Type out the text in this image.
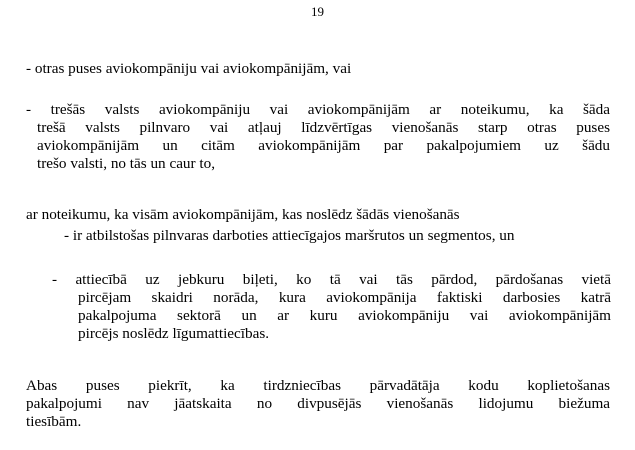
19
- otras puses aviokompāniju vai aviokompānijām, vai
- trešās valsts aviokompāniju vai aviokompānijām ar noteikumu, ka šāda
trešā valsts pilnvaro vai atļauj līdzvērtīgas vienošanās starp otras puses
aviokompānijām un citām aviokompānijām par pakalpojumiem uz šādu
trešo valsti, no tās un caur to,
ar noteikumu, ka visām aviokompānijām, kas noslēdz šādās vienošanās
- ir atbilstošas pilnvaras darboties attiecīgajos maršrutos un segmentos, un
- attiecībā uz jebkuru biļeti, ko tā vai tās pārdod, pārdošanas vietā
pircējam skaidri norāda, kura aviokompānija faktiski darbosies katrā
pakalpojuma sektorā un ar kuru aviokompāniju vai aviokompānijām
pircējs noslēdz līgumattiecības.
Abas puses piekrīt, ka tirdzniecības pārvadātāja kodu koplietošanas
pakalpojumi nav jāatskaita no divpusējās vienošanās lidojumu biežuma
tiesībām.
